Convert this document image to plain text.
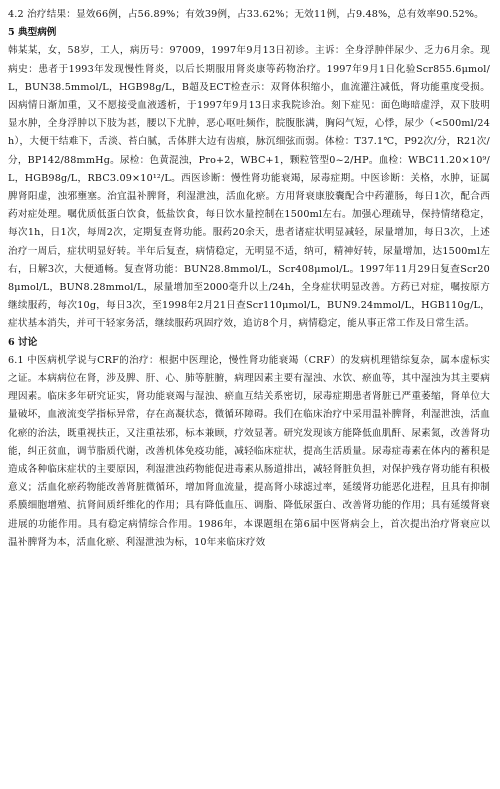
4.2 治疗结果：显效66例，占56.89%；有效39例，占33.62%；无效11例，占9.48%，总有效率90.52%。

5 典型病例

韩某某，女，58岁，工人，病历号：97009，1997年9月13日初诊。主诉：全身浮肿伴尿少、乏力6月余。现病史：患者于1993年发现慢性肾炎，以后长期服用肾炎康等药物治疗。1997年9月1日化验Scr855.6μmol/L，BUN38.5mmol/L，HGB98g/L，B超及ECT检查示：双肾体积缩小，血流灌注减低，肾功能重度受损。因病情日渐加重，又不愿接受血液透析，于1997年9月13日求我院诊治。刻下症见：面色晦暗虚浮，双下肢明显水肿，全身浮肿以下肢为甚，腰以下尤肿，恶心呕吐频作，脘腹胀满，胸闷气短，心悸，尿少（<500ml/24h），大便干结难下，舌淡、苔白腻，舌体胖大边有齿痕，脉沉细弦而弱。体检：T37.1℃，P92次/分，R21次/分，BP142/88mmHg。尿检：色黄混浊，Pro+2，WBC+1，颗粒管型0~2/HP。血检：WBC11.20×10⁹/L，HGB98g/L，RBC3.09×10¹²/L。西医诊断：慢性肾功能衰竭，尿毒症期。中医诊断：关格，水肿，证属脾肾阳虚，浊邪壅塞。治宜温补脾肾，利湿泄浊，活血化瘀。方用肾衰康胶囊配合中药灌肠，每日1次，配合西药对症处理。嘱优质低蛋白饮食，低盐饮食，每日饮水量控制在1500ml左右。加强心理疏导，保持情绪稳定，每次1h，日1次，每周2次，定期复查肾功能。服药20余天，患者诸症状明显减轻，尿量增加，每日3次，上述治疗一周后，症状明显好转。半年后复查，病情稳定，无明显不适，纳可，精神好转，尿量增加，达1500ml左右，日解3次，大便通畅。复查肾功能：BUN28.8mmol/L，Scr408μmol/L。1997年11月29日复查Scr208μmol/L，BUN8.28mmol/L，尿量增加至2000毫升以上/24h，全身症状明显改善。方药已对症，嘱按原方继续服药，每次10g，每日3次，至1998年2月21日查Scr110μmol/L，BUN9.24mmol/L，HGB110g/L，症状基本消失，并可干轻家务活，继续服药巩固疗效，追访8个月，病情稳定，能从事正常工作及日常生活。

6 讨论

6.1 中医病机学说与CRF的治疗：根据中医理论，慢性肾功能衰竭（CRF）的发病机理错综复杂，属本虚标实之证。本病病位在肾，涉及脾、肝、心、肺等脏腑，病理因素主要有湿浊、水饮、瘀血等，其中湿浊为其主要病理因素。临床多年研究证实，肾功能衰竭与湿浊、瘀血互结关系密切，尿毒症期患者肾脏已严重萎缩，肾单位大量破坏，血液流变学指标异常，存在高凝状态，微循环障碍。我们在临床治疗中采用温补脾肾，利湿泄浊，活血化瘀的治法，既重视扶正，又注重祛邪，标本兼顾，疗效显著。研究发现该方能降低血肌酐、尿素氮，改善肾功能，纠正贫血，调节脂质代谢，改善机体免疫功能，减轻临床症状，提高生活质量。尿毒症毒素在体内的蓄积是造成各种临床症状的主要原因，利湿泄浊药物能促进毒素从肠道排出，减轻肾脏负担，对保护残存肾功能有积极意义；活血化瘀药物能改善肾脏微循环，增加肾血流量，提高肾小球滤过率，延缓肾功能恶化进程，且具有抑制系膜细胞增殖、抗肾间质纤维化的作用；具有降低血压、调脂、降低尿蛋白、改善肾功能的作用；具有延缓肾衰进展的功能作用。具有稳定病情综合作用。1986年，本课题组在第6届中医肾病会上，首次提出治疗肾衰应以温补脾肾为本，活血化瘀、利湿泄浊为标，10年来临床疗效
